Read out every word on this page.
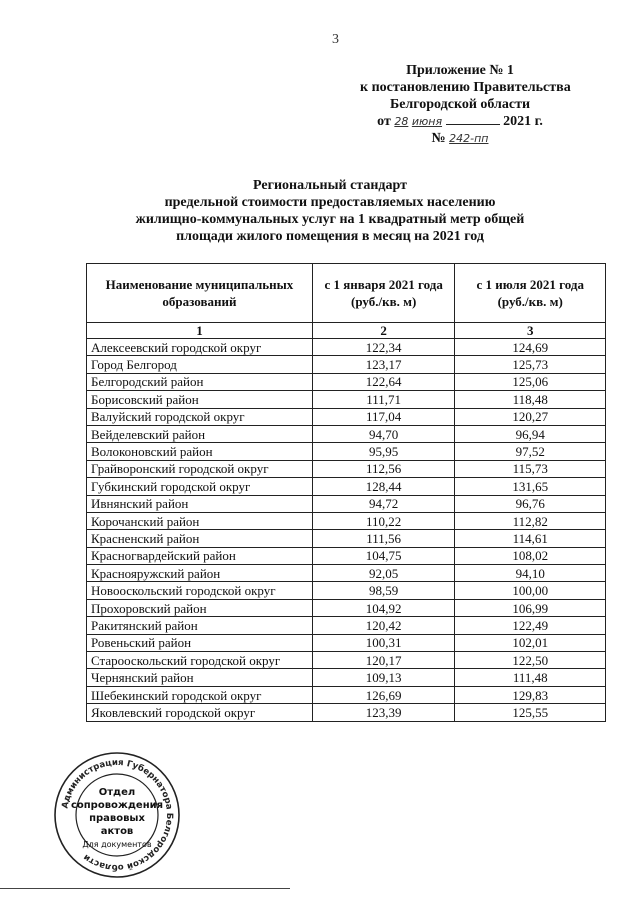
3
Приложение № 1
к постановлению Правительства
Белгородской области
от 28 июня	2021 г.
№ 242-пп
Региональный стандарт
предельной стоимости предоставляемых населению
жилищно-коммунальных услуг на 1 квадратный метр общей
площади жилого помещения в месяц на 2021 год
Наименование муниципальных образований	с 1 января 2021 года (руб./кв. м)	с 1 июля 2021 года (руб./кв. м)
1	2	3
Алексеевский городской округ	122,34	124,69
Город Белгород	123,17	125,73
Белгородский район	122,64	125,06
Борисовский район	111,71	118,48
Валуйский городской округ	117,04	120,27
Вейделевский район	94,70	96,94
Волоконовский район	95,95	97,52
Грайворонский городской округ	112,56	115,73
Губкинский городской округ	128,44	131,65
Ивнянский район	94,72	96,76
Корочанский район	110,22	112,82
Красненский район	111,56	114,61
Красногвардейский район	104,75	108,02
Краснояружский район	92,05	94,10
Новооскольский городской округ	98,59	100,00
Прохоровский район	104,92	106,99
Ракитянский район	120,42	122,49
Ровеньский район	100,31	102,01
Старооскольский городской округ	120,17	122,50
Чернянский район	109,13	111,48
Шебекинский городской округ	126,69	129,83
Яковлевский городской округ	123,39	125,55
Администрация Губернатора Белгородской области
Отдел
сопровождения
правовых
актов
Для документов
